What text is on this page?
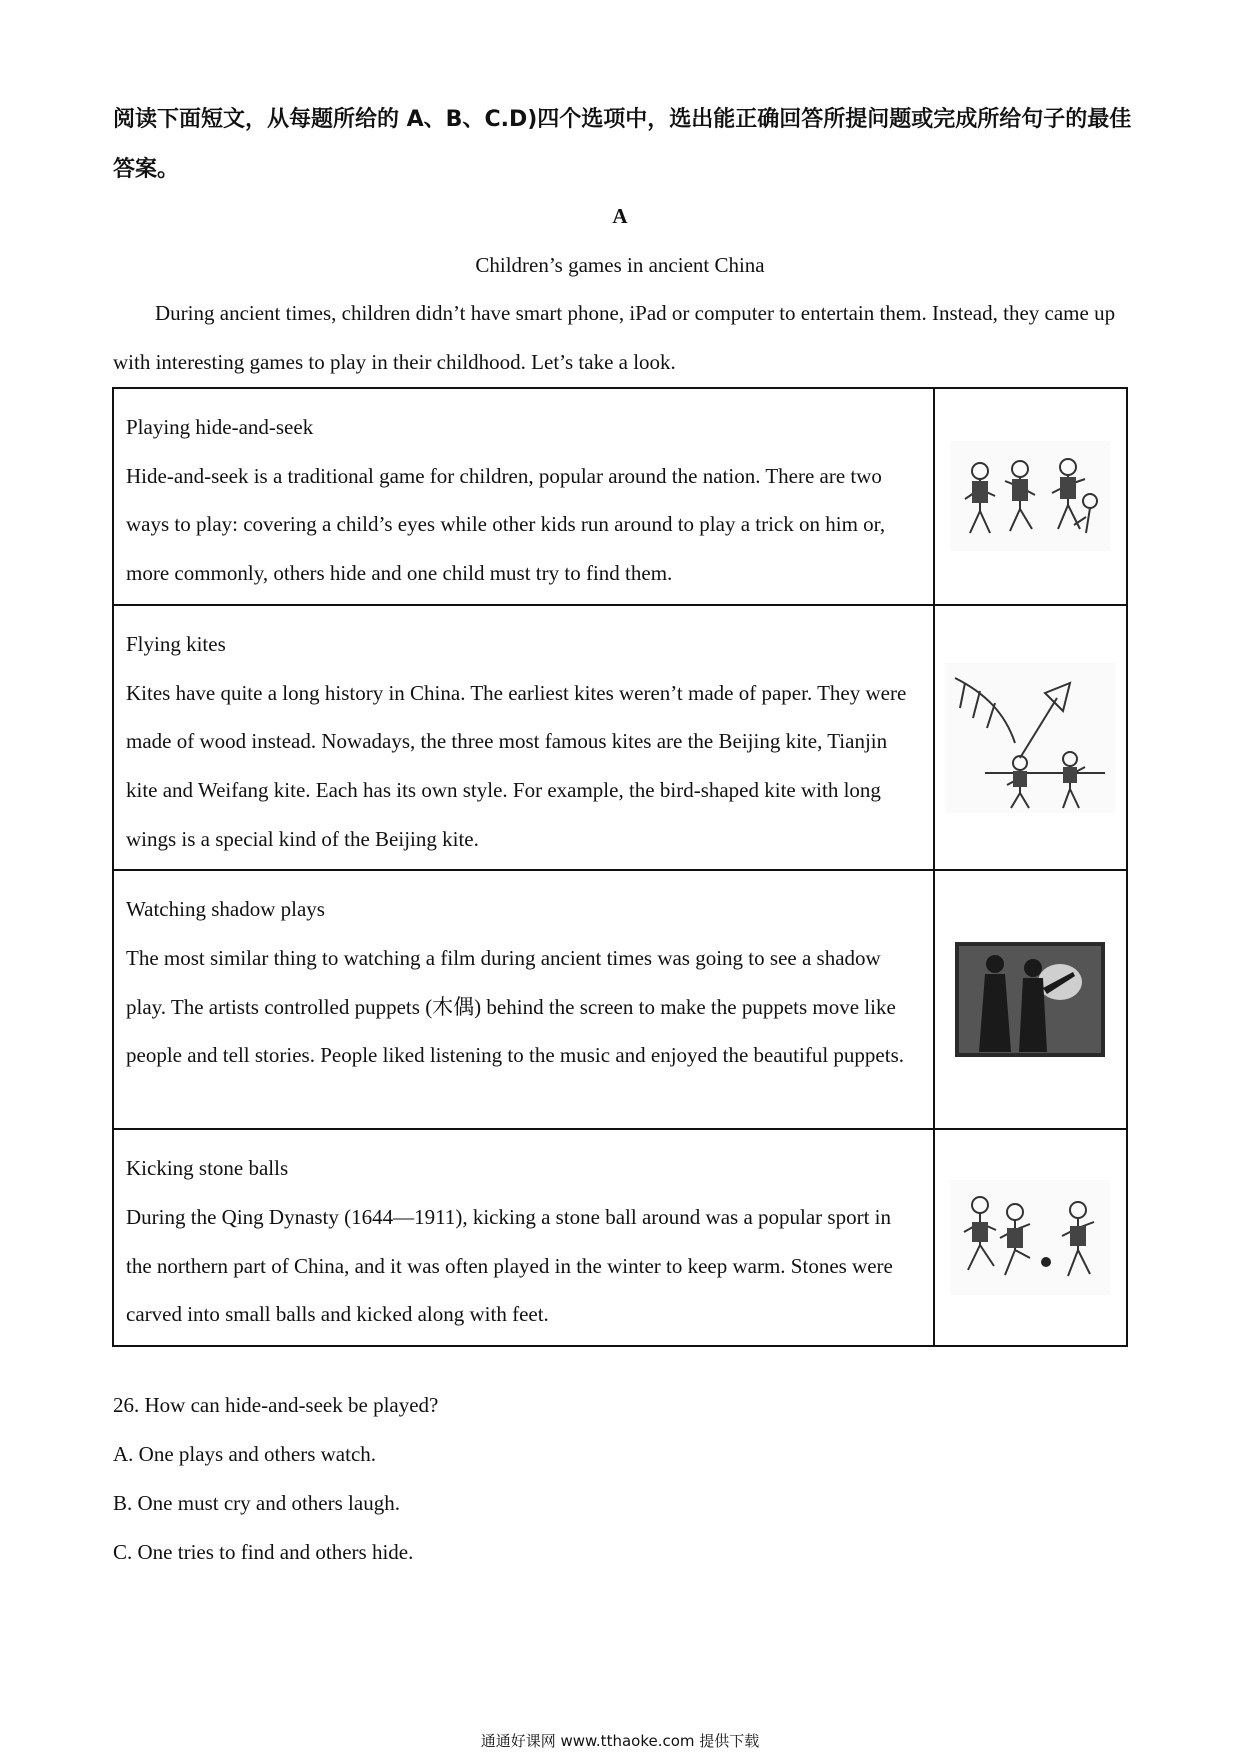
阅读下面短文，从每题所给的 A、B、C.D)四个选项中，选出能正确回答所提问题或完成所给句子的最佳答案。
A
Children’s games in ancient China
During ancient times, children didn’t have smart phone, iPad or computer to entertain them. Instead, they came up with interesting games to play in their childhood. Let’s take a look.
Playing hide-and-seek
Hide-and-seek is a traditional game for children, popular around the nation. There are two ways to play: covering a child’s eyes while other kids run around to play a trick on him or, more commonly, others hide and one child must try to find them.

Flying kites
Kites have quite a long history in China. The earliest kites weren’t made of paper. They were made of wood instead. Nowadays, the three most famous kites are the Beijing kite, Tianjin kite and Weifang kite. Each has its own style. For example, the bird-shaped kite with long wings is a special kind of the Beijing kite.

Watching shadow plays
The most similar thing to watching a film during ancient times was going to see a shadow play. The artists controlled puppets (木偶) behind the screen to make the puppets move like people and tell stories. People liked listening to the music and enjoyed the beautiful puppets.

Kicking stone balls
During the Qing Dynasty (1644—1911), kicking a stone ball around was a popular sport in the northern part of China, and it was often played in the winter to keep warm. Stones were carved into small balls and kicked along with feet.

26. How can hide-and-seek be played?
A. One plays and others watch.
B. One must cry and others laugh.
C. One tries to find and others hide.
通通好课网 www.tthaoke.com 提供下载
